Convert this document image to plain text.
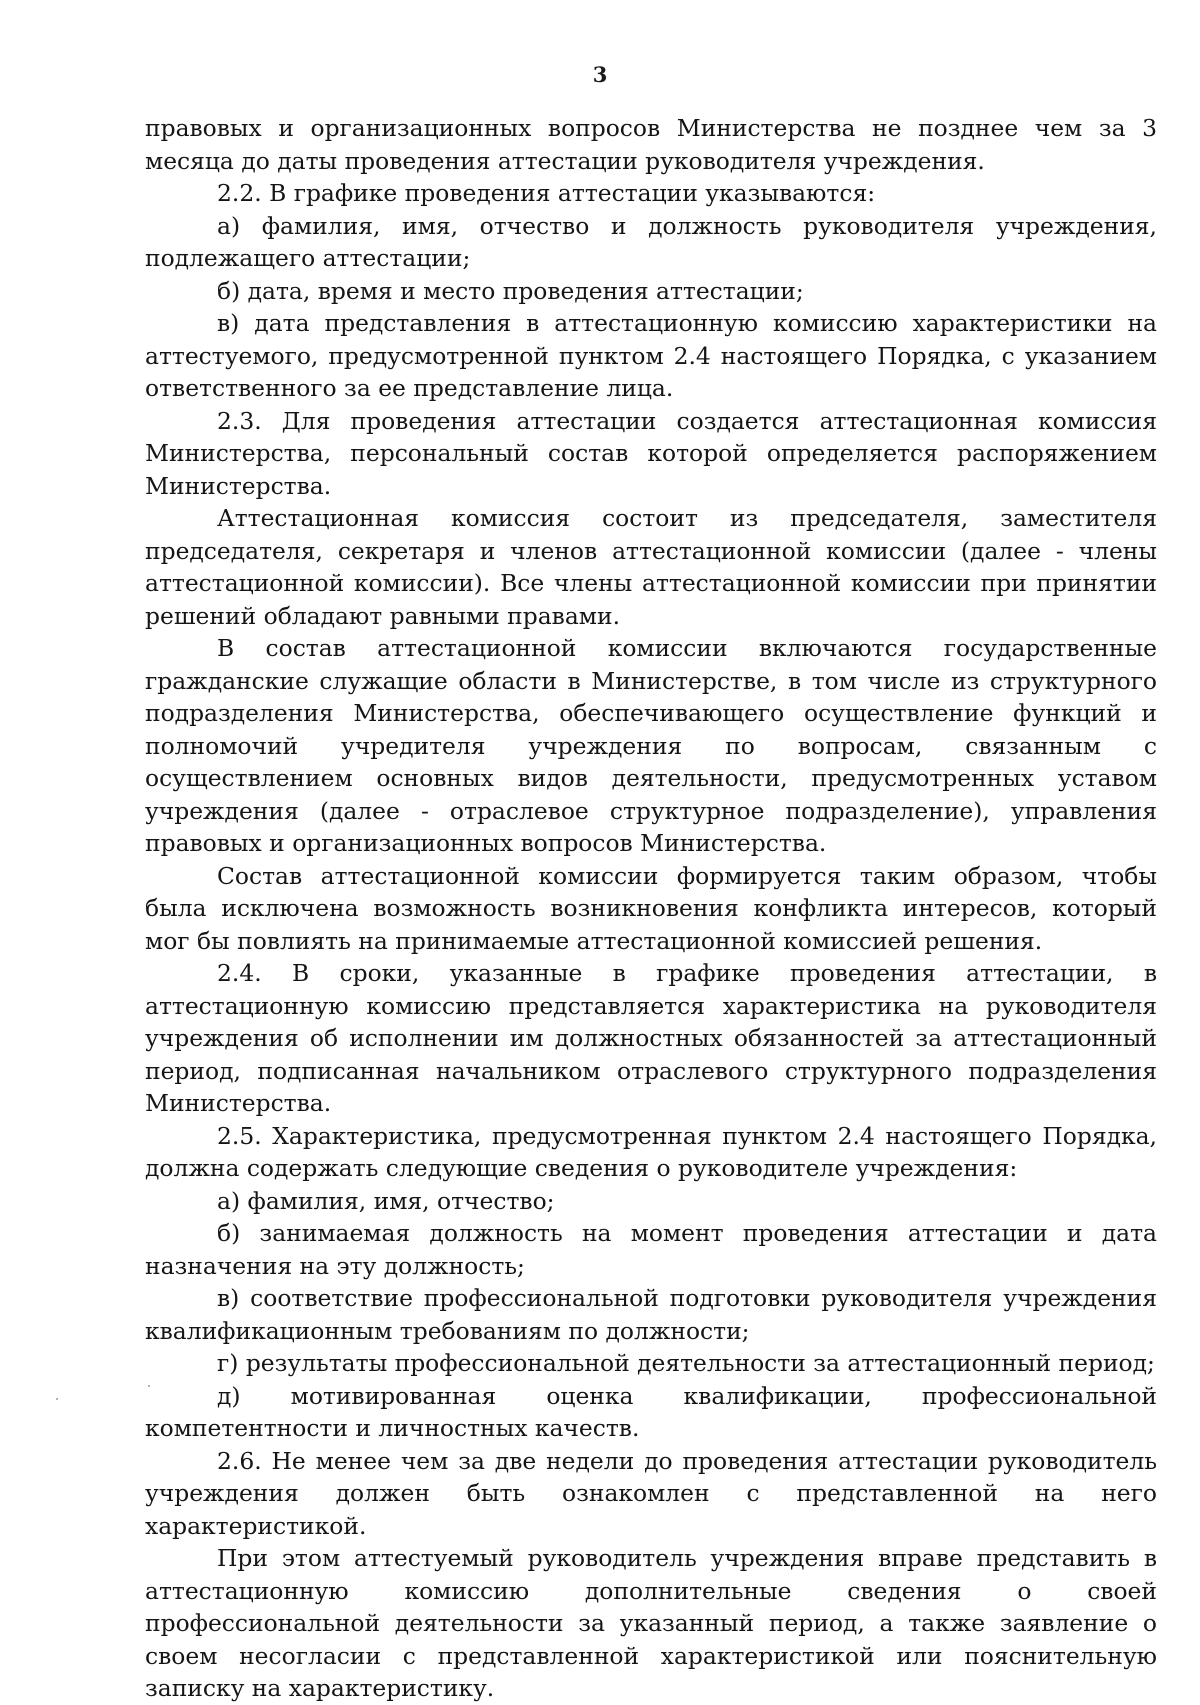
3

правовых и организационных вопросов Министерства не позднее чем за 3 месяца до даты проведения аттестации руководителя учреждения.

2.2. В графике проведения аттестации указываются:

а) фамилия, имя, отчество и должность руководителя учреждения, подлежащего аттестации;

б) дата, время и место проведения аттестации;

в) дата представления в аттестационную комиссию характеристики на аттестуемого, предусмотренной пунктом 2.4 настоящего Порядка, с указанием ответственного за ее представление лица.

2.3. Для проведения аттестации создается аттестационная комиссия Министерства, персональный состав которой определяется распоряжением Министерства.

Аттестационная комиссия состоит из председателя, заместителя председателя, секретаря и членов аттестационной комиссии (далее - члены аттестационной комиссии). Все члены аттестационной комиссии при принятии решений обладают равными правами.

В состав аттестационной комиссии включаются государственные гражданские служащие области в Министерстве, в том числе из структурного подразделения Министерства, обеспечивающего осуществление функций и полномочий учредителя учреждения по вопросам, связанным с осуществлением основных видов деятельности, предусмотренных уставом учреждения (далее - отраслевое структурное подразделение), управления правовых и организационных вопросов Министерства.

Состав аттестационной комиссии формируется таким образом, чтобы была исключена возможность возникновения конфликта интересов, который мог бы повлиять на принимаемые аттестационной комиссией решения.

2.4. В сроки, указанные в графике проведения аттестации, в аттестационную комиссию представляется характеристика на руководителя учреждения об исполнении им должностных обязанностей за аттестационный период, подписанная начальником отраслевого структурного подразделения Министерства.

2.5. Характеристика, предусмотренная пунктом 2.4 настоящего Порядка, должна содержать следующие сведения о руководителе учреждения:

а) фамилия, имя, отчество;

б) занимаемая должность на момент проведения аттестации и дата назначения на эту должность;

в) соответствие профессиональной подготовки руководителя учреждения квалификационным требованиям по должности;

г) результаты профессиональной деятельности за аттестационный период;

д) мотивированная оценка квалификации, профессиональной компетентности и личностных качеств.

2.6. Не менее чем за две недели до проведения аттестации руководитель учреждения должен быть ознакомлен с представленной на него характеристикой.

При этом аттестуемый руководитель учреждения вправе представить в аттестационную комиссию дополнительные сведения о своей профессиональной деятельности за указанный период, а также заявление о своем несогласии с представленной характеристикой или пояснительную записку на характеристику.
